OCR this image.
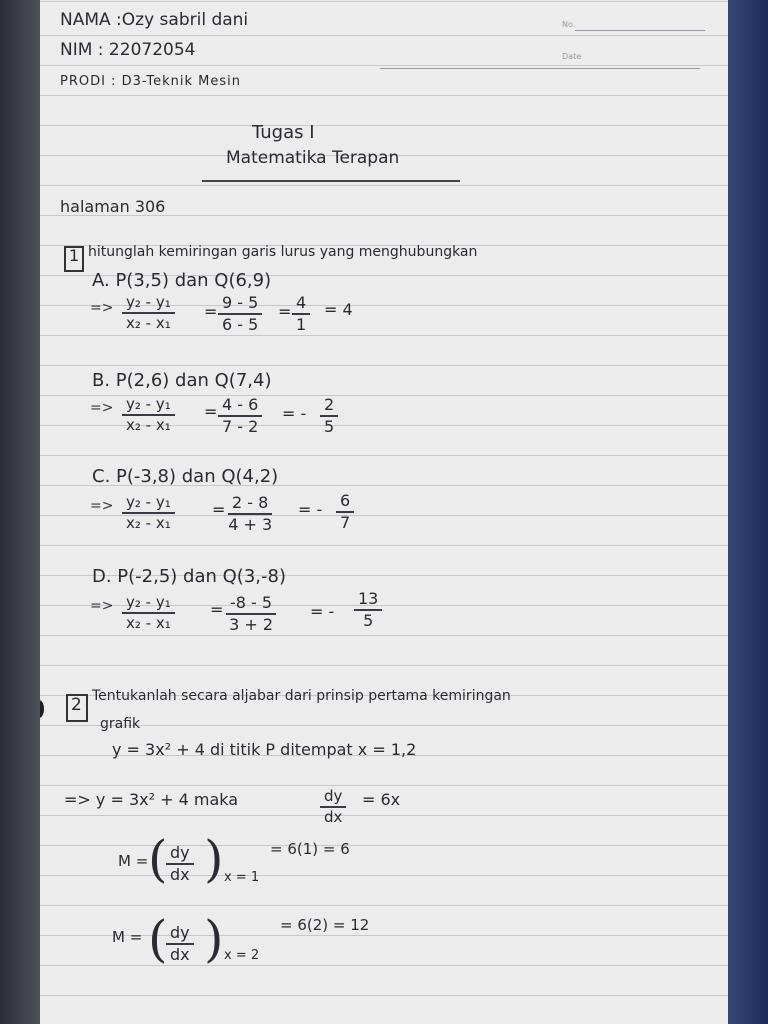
NAMA :Ozy sabril dani
NIM : 22072054
PRODI : D3-Teknik Mesin
No.
Date
Tugas I
Matematika Terapan
halaman 306
1 hitunglah kemiringan garis lurus yang menghubungkan
A. P(3,5) dan Q(6,9)
=> $\frac{\text{y₂ - y₁}}{\text{x₂ - x₁}} = \frac{9 - 5}{6 - 5} = \frac{4}{1} = 4$
B. P(2,6) dan Q(7,4)
=> $\frac{\text{y₂ - y₁}}{\text{x₂ - x₁}} = \frac{4 - 6}{7 - 2}$ = - $\frac{2}{5}$
C. P(-3,8) dan Q(4,2)
=> $\frac{\text{y₂ - y₁}}{\text{x₂ - x₁}} = \frac{2 - 8}{4 + 3}$ = - $\frac{6}{7}$
D. P(-2,5) dan Q(3,-8)
=> $\frac{\text{y₂ - y₁}}{\text{x₂ - x₁}} = \frac{-8 - 5}{3 + 2}$ = - $\frac{13}{5}$
2 Tentukanlah secara aljabar dari prinsip pertama kemiringan
grafik
y = 3x² + 4 di titik P ditempat x = 1,2
=> y = 3x² + 4 maka	$\frac{dy}{dx} = 6x$
M = (
$\frac{dy}{dx}$ ) x = 1
= 6(1) = 6
M = (
$\frac{dy}{dx}$ ) x = 2
= 6(2) = 12
